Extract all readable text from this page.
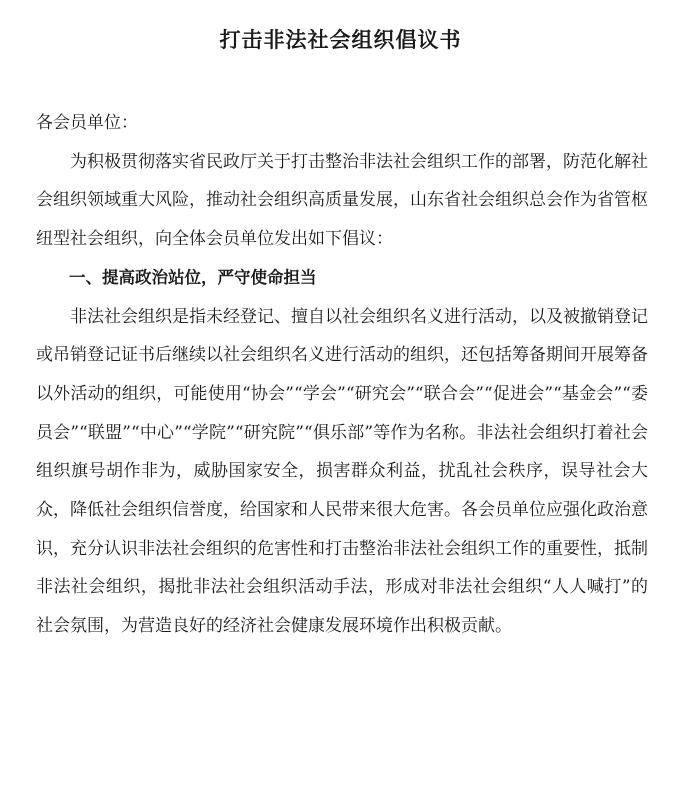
打击非法社会组织倡议书

各会员单位：

为积极贯彻落实省民政厅关于打击整治非法社会组织工作的部署，防范化解社会组织领域重大风险，推动社会组织高质量发展，山东省社会组织总会作为省管枢纽型社会组织，向全体会员单位发出如下倡议：

一、提高政治站位，严守使命担当

非法社会组织是指未经登记、擅自以社会组织名义进行活动，以及被撤销登记或吊销登记证书后继续以社会组织名义进行活动的组织，还包括筹备期间开展筹备以外活动的组织，可能使用“协会”“学会”“研究会”“联合会”“促进会”“基金会”“委员会”“联盟”“中心”“学院”“研究院”“俱乐部”等作为名称。非法社会组织打着社会组织旗号胡作非为，威胁国家安全，损害群众利益，扰乱社会秩序，误导社会大众，降低社会组织信誉度，给国家和人民带来很大危害。各会员单位应强化政治意识，充分认识非法社会组织的危害性和打击整治非法社会组织工作的重要性，抵制非法社会组织，揭批非法社会组织活动手法，形成对非法社会组织“人人喊打”的社会氛围，为营造良好的经济社会健康发展环境作出积极贡献。
